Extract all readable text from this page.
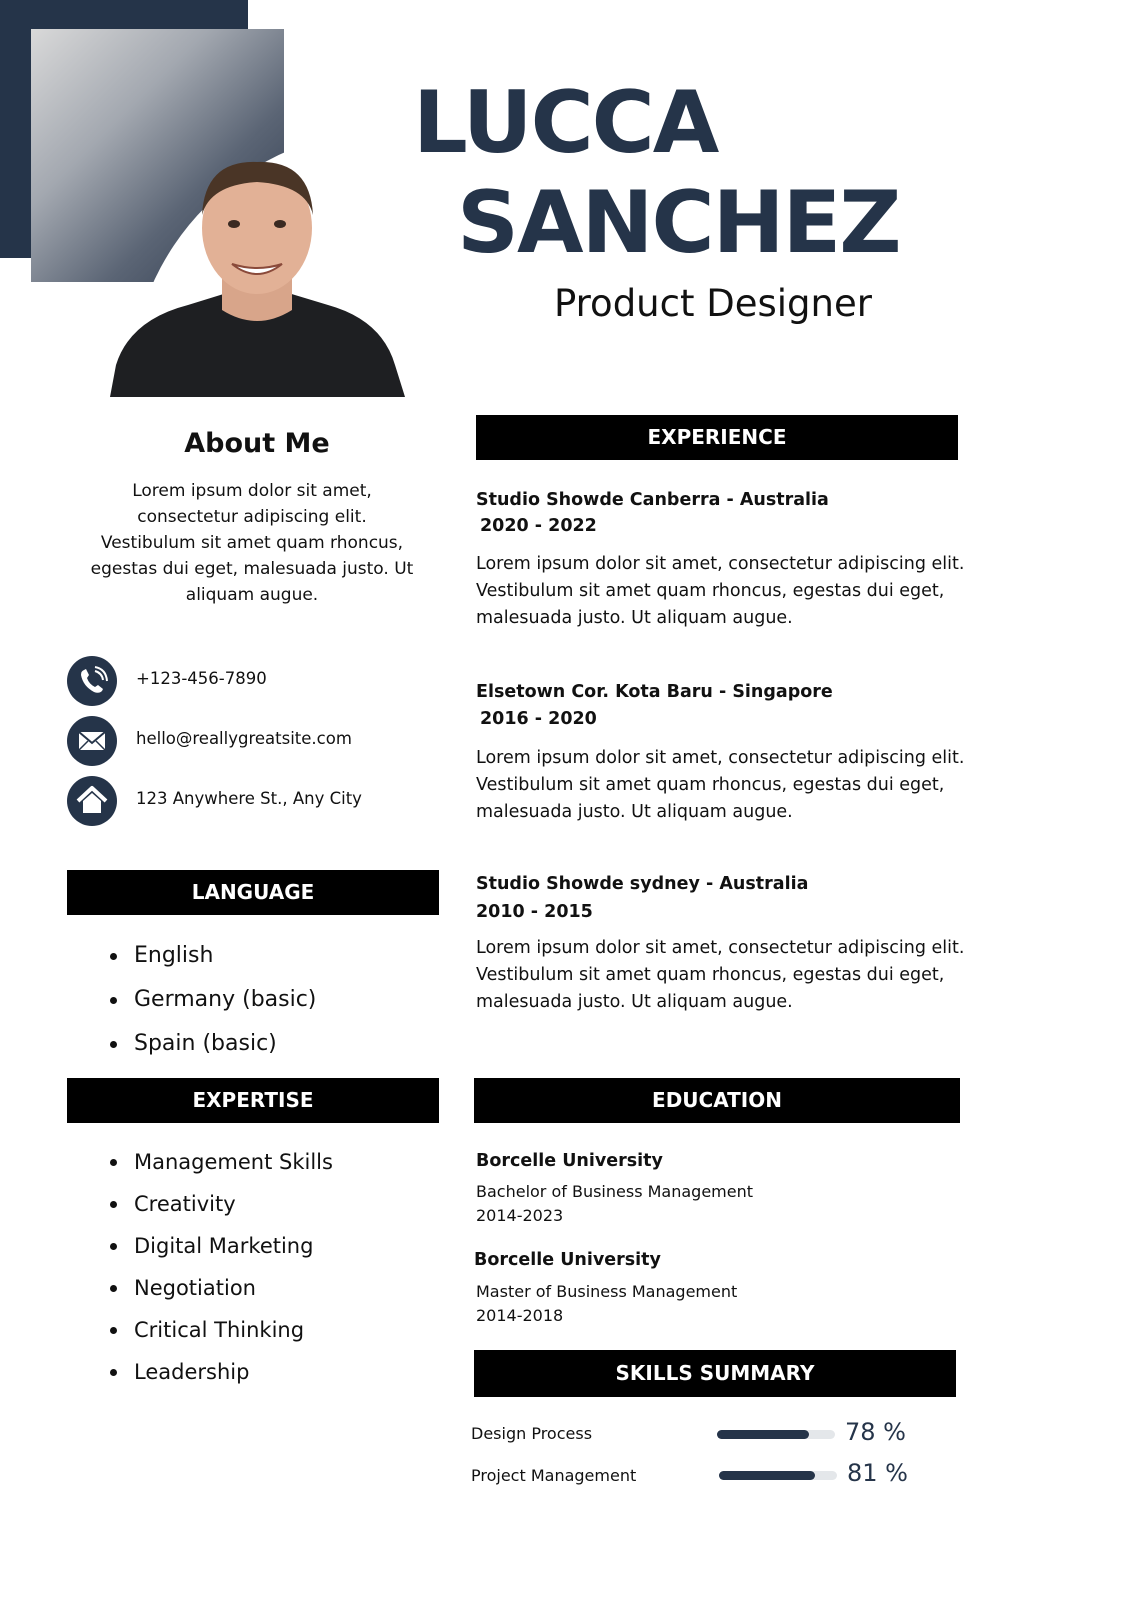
LUCCA
SANCHEZ
Product Designer
About Me
Lorem ipsum dolor sit amet, consectetur adipiscing elit. Vestibulum sit amet quam rhoncus, egestas dui eget, malesuada justo. Ut aliquam augue.
+123-456-7890
hello@reallygreatsite.com
123 Anywhere St., Any City
LANGUAGE
English
Germany (basic)
Spain (basic)
EXPERTISE
Management Skills
Creativity
Digital Marketing
Negotiation
Critical Thinking
Leadership
EXPERIENCE
Studio Showde Canberra - Australia
2020 - 2022
Lorem ipsum dolor sit amet, consectetur adipiscing elit. Vestibulum sit amet quam rhoncus, egestas dui eget, malesuada justo. Ut aliquam augue.
Elsetown Cor. Kota Baru - Singapore
2016 - 2020
Lorem ipsum dolor sit amet, consectetur adipiscing elit. Vestibulum sit amet quam rhoncus, egestas dui eget, malesuada justo. Ut aliquam augue.
Studio Showde sydney - Australia
2010 - 2015
Lorem ipsum dolor sit amet, consectetur adipiscing elit. Vestibulum sit amet quam rhoncus, egestas dui eget, malesuada justo. Ut aliquam augue.
EDUCATION
Borcelle University
Bachelor of Business Management
2014-2023
Borcelle University
Master of Business Management
2014-2018
SKILLS SUMMARY
Design Process	78 %
Project Management	81 %
